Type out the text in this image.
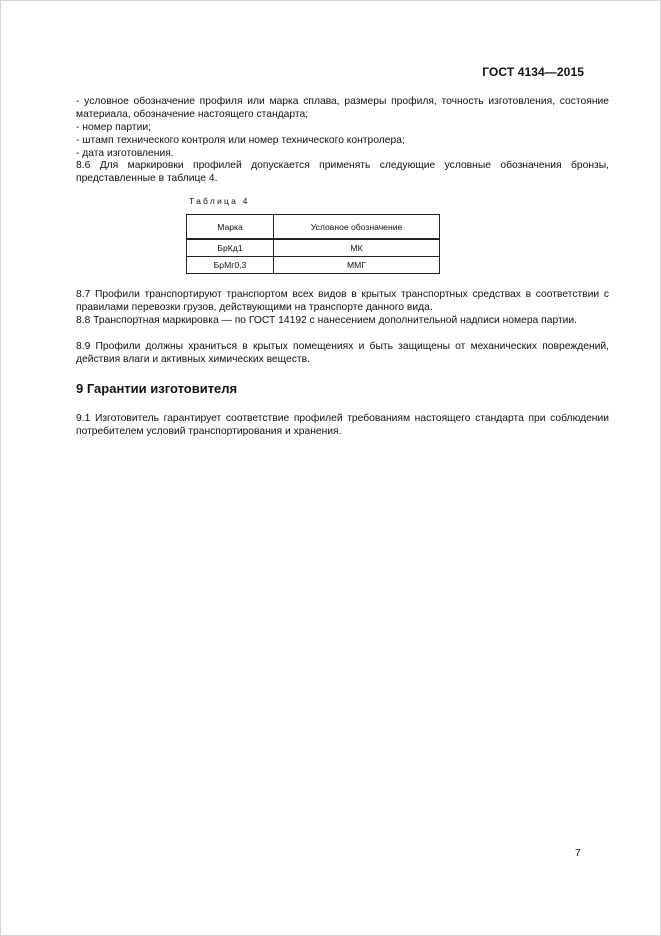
ГОСТ 4134—2015
- условное обозначение профиля или марка сплава, размеры профиля, точность изготовления, состояние материала, обозначение настоящего стандарта;
- номер партии;
- штамп технического контроля или номер технического контролера;
- дата изготовления.
8.6 Для маркировки профилей допускается применять следующие условные обозначения бронзы, представленные в таблице 4.
Таблица 4
Марка	Условное обозначение
БрКд1	МК
БрМг0,3	ММГ
8.7 Профили транспортируют транспортом всех видов в крытых транспортных средствах в соответствии с правилами перевозки грузов, действующими на транспорте данного вида.
8.8 Транспортная маркировка — по ГОСТ 14192 с нанесением дополнительной надписи номера партии.
8.9 Профили должны храниться в крытых помещениях и быть защищены от механических повреждений, действия влаги и активных химических веществ.
9 Гарантии изготовителя
9.1 Изготовитель гарантирует соответствие профилей требованиям настоящего стандарта при соблюдении потребителем условий транспортирования и хранения.
7
